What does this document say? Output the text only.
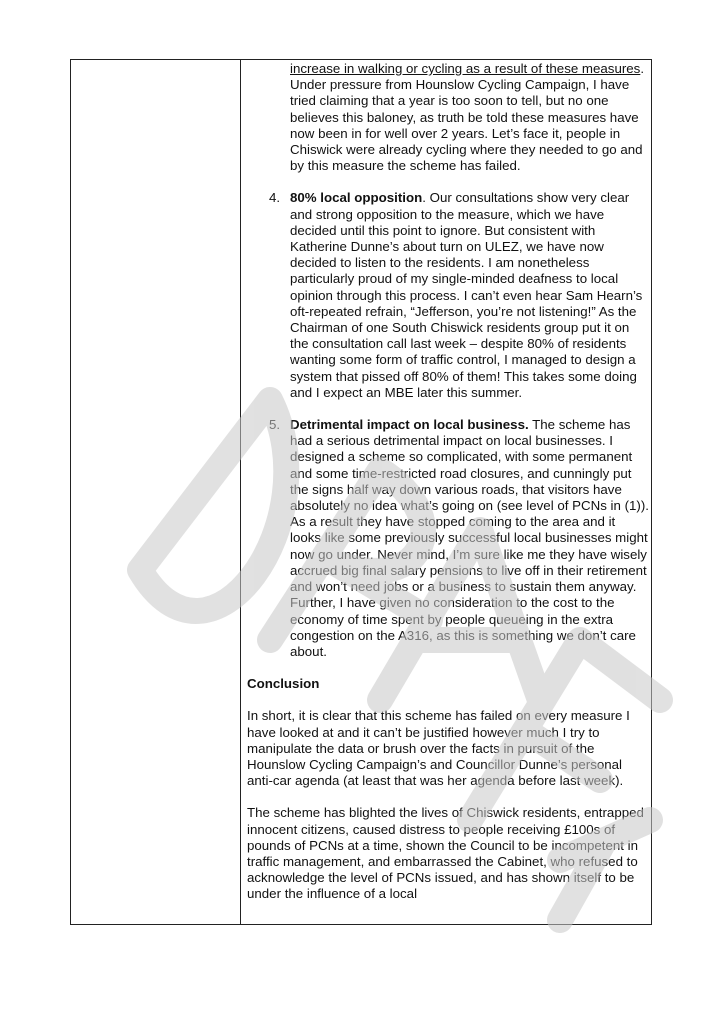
increase in walking or cycling as a result of these measures. Under pressure from Hounslow Cycling Campaign, I have tried claiming that a year is too soon to tell, but no one believes this baloney, as truth be told these measures have now been in for well over 2 years. Let’s face it, people in Chiswick were already cycling where they needed to go and by this measure the scheme has failed.
4. 80% local opposition. Our consultations show very clear and strong opposition to the measure, which we have decided until this point to ignore. But consistent with Katherine Dunne’s about turn on ULEZ, we have now decided to listen to the residents. I am nonetheless particularly proud of my single-minded deafness to local opinion through this process. I can’t even hear Sam Hearn’s oft-repeated refrain, “Jefferson, you’re not listening!” As the Chairman of one South Chiswick residents group put it on the consultation call last week – despite 80% of residents wanting some form of traffic control, I managed to design a system that pissed off 80% of them! This takes some doing and I expect an MBE later this summer.
5. Detrimental impact on local business. The scheme has had a serious detrimental impact on local businesses. I designed a scheme so complicated, with some permanent and some time-restricted road closures, and cunningly put the signs half way down various roads, that visitors have absolutely no idea what’s going on (see level of PCNs in (1)). As a result they have stopped coming to the area and it looks like some previously successful local businesses might now go under. Never mind, I’m sure like me they have wisely accrued big final salary pensions to live off in their retirement and won’t need jobs or a business to sustain them anyway. Further, I have given no consideration to the cost to the economy of time spent by people queueing in the extra congestion on the A316, as this is something we don’t care about.
Conclusion
In short, it is clear that this scheme has failed on every measure I have looked at and it can’t be justified however much I try to manipulate the data or brush over the facts in pursuit of the Hounslow Cycling Campaign’s and Councillor Dunne’s personal anti-car agenda (at least that was her agenda before last week).
The scheme has blighted the lives of Chiswick residents, entrapped innocent citizens, caused distress to people receiving £100s of pounds of PCNs at a time, shown the Council to be incompetent in traffic management, and embarrassed the Cabinet, who refused to acknowledge the level of PCNs issued, and has shown itself to be under the influence of a local
